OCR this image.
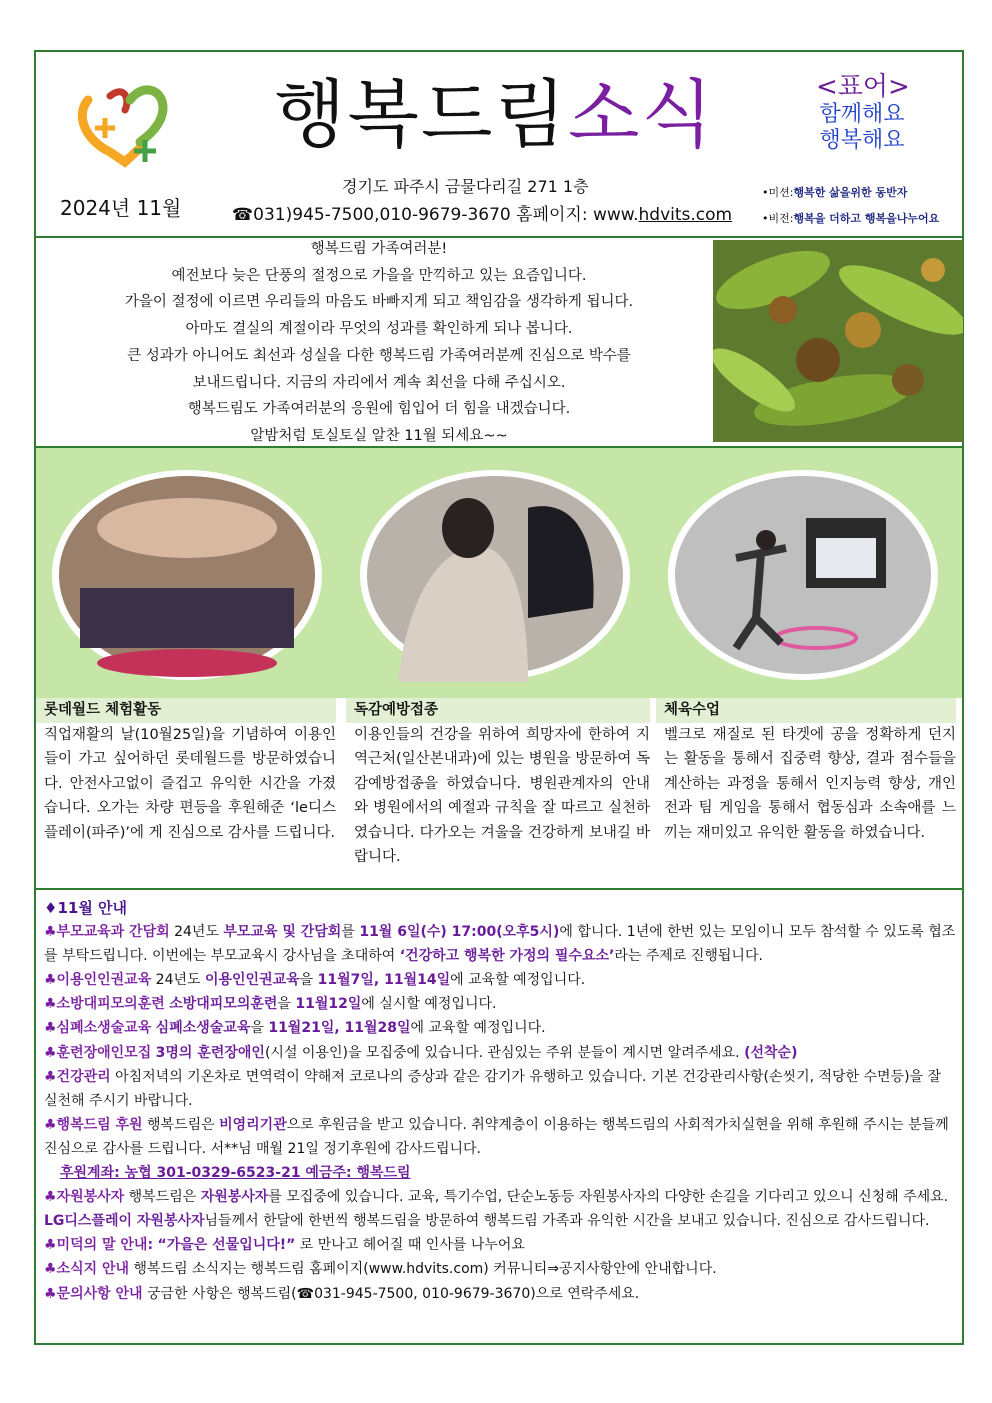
행복드림소식	<표어>
함께해요
행복해요
2024년 11월
경기도 파주시 금물다리길 271 1층
☎031)945-7500,010-9679-3670 홈페이지: www.hdvits.com
•미션:행복한 삶을위한 동반자
•비전:행복을 더하고 행복을나누어요
행복드림 가족여러분!
예전보다 늦은 단풍의 절정으로 가을을 만끽하고 있는 요즘입니다.
가을이 절정에 이르면 우리들의 마음도 바빠지게 되고 책임감을 생각하게 됩니다.
아마도 결실의 계절이라 무엇의 성과를 확인하게 되나 봅니다.
큰 성과가 아니어도 최선과 성실을 다한 행복드림 가족여러분께 진심으로 박수를
보내드립니다. 지금의 자리에서 계속 최선을 다해 주십시오.
행복드림도 가족여러분의 응원에 힘입어 더 힘을 내겠습니다.
알밤처럼 토실토실 알찬 11월 되세요~~
롯데월드 체험활동
직업재활의 날(10월25일)을 기념하여 이용인들이 가고 싶어하던 롯데월드를 방문하였습니다. 안전사고없이 즐겁고 유익한 시간을 가졌습니다. 오가는 차량 편등을 후원해준 ‘le디스플레이(파주)’에 게 진심으로 감사를 드립니다.
독감예방접종
이용인들의 건강을 위하여 희망자에 한하여 지역근처(일산본내과)에 있는 병원을 방문하여 독감예방접종을 하였습니다. 병원관계자의 안내와 병원에서의 예절과 규칙을 잘 따르고 실천하였습니다. 다가오는 겨울을 건강하게 보내길 바랍니다.
체육수업
벨크로 재질로 된 타겟에 공을 정확하게 던지는 활동을 통해서 집중력 향상, 결과 점수들을 계산하는 과정을 통해서 인지능력 향상, 개인전과 팀 게임을 통해서 협동심과 소속애를 느끼는 재미있고 유익한 활동을 하였습니다.
♦11월 안내
♣부모교육과 간담회 24년도 부모교육 및 간담회를 11월 6일(수) 17:00(오후5시)에 합니다. 1년에 한번 있는 모임이니 모두 참석할 수 있도록 협조를 부탁드립니다. 이번에는 부모교육시 강사님을 초대하여 ‘건강하고 행복한 가정의 필수요소’라는 주제로 진행됩니다.
♣이용인인권교육 24년도 이용인인권교육을 11월7일, 11월14일에 교육할 예정입니다.
♣소방대피모의훈련 소방대피모의훈련을 11월12일에 실시할 예정입니다.
♣심폐소생술교육 심폐소생술교육을 11월21일, 11월28일에 교육할 예정입니다.
♣훈련장애인모집 3명의 훈련장애인(시설 이용인)을 모집중에 있습니다. 관심있는 주위 분들이 계시면 알려주세요. (선착순)
♣건강관리 아침저녁의 기온차로 면역력이 약해져 코로나의 증상과 같은 감기가 유행하고 있습니다. 기본 건강관리사항(손씻기, 적당한 수면등)을 잘 실천해 주시기 바랍니다.
♣행복드림 후원 행복드림은 비영리기관으로 후원금을 받고 있습니다. 취약계층이 이용하는 행복드림의 사회적가치실현을 위해 후원해 주시는 분들께 진심으로 감사를 드립니다. 서**님 매월 21일 정기후원에 감사드립니다.
후원계좌: 농협 301-0329-6523-21 예금주: 행복드림
♣자원봉사자 행복드림은 자원봉사자를 모집중에 있습니다. 교육, 특기수업, 단순노동등 자원봉사자의 다양한 손길을 기다리고 있으니 신청해 주세요. LG디스플레이 자원봉사자님들께서 한달에 한번씩 행복드림을 방문하여 행복드림 가족과 유익한 시간을 보내고 있습니다. 진심으로 감사드립니다.
♣미덕의 말 안내: “가을은 선물입니다!” 로 만나고 헤어질 때 인사를 나누어요
♣소식지 안내 행복드림 소식지는 행복드림 홈페이지(www.hdvits.com) 커뮤니티⇒공지사항안에 안내합니다.
♣문의사항 안내 궁금한 사항은 행복드림(☎031-945-7500, 010-9679-3670)으로 연락주세요.
